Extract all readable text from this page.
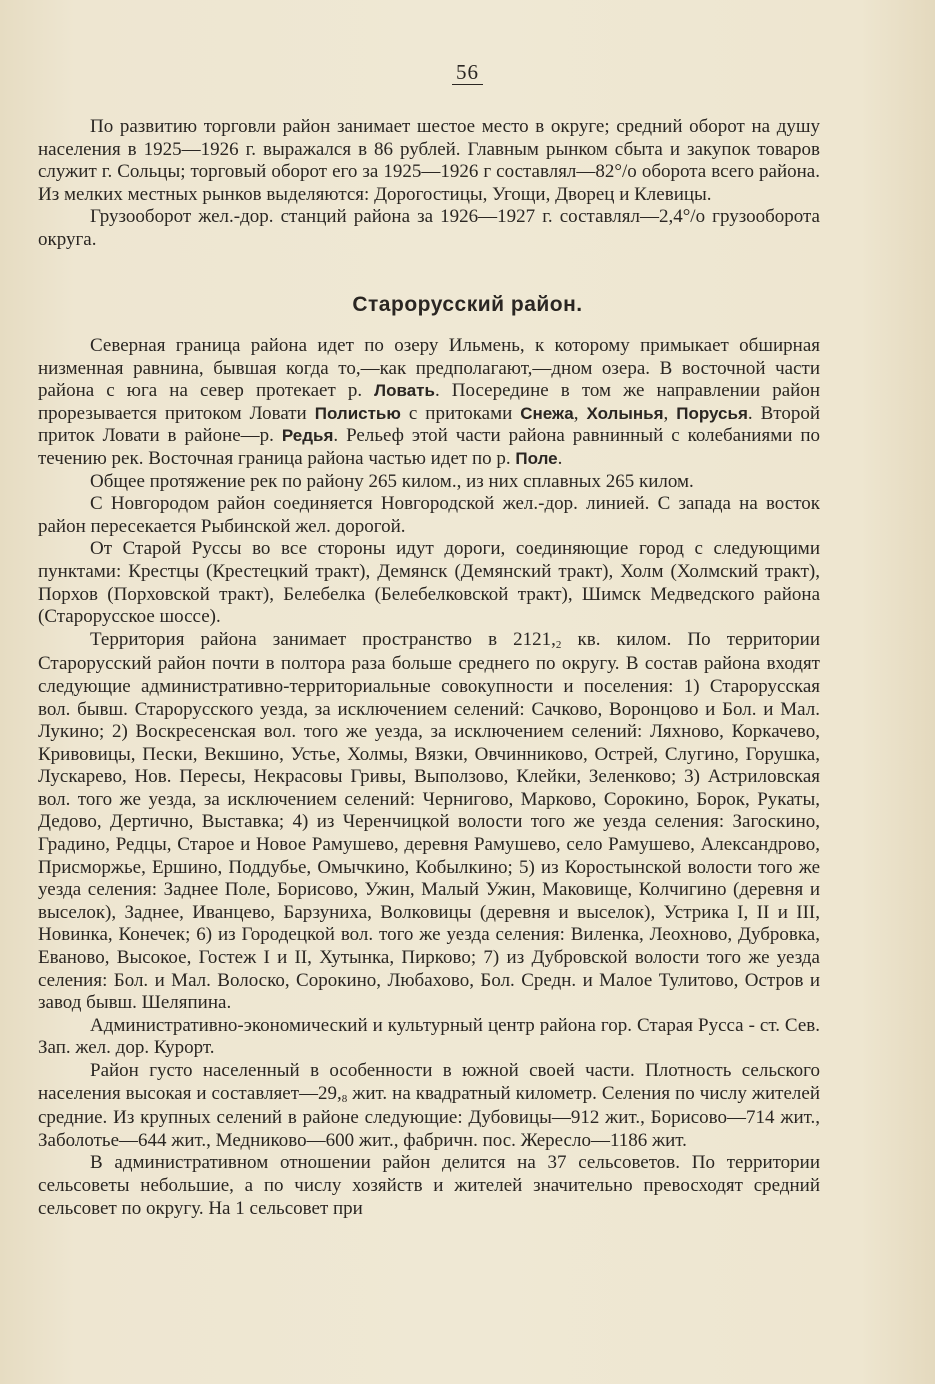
56

По развитию торговли район занимает шестое место в округе; средний оборот на душу населения в 1925—1926 г. выражался в 86 рублей. Главным рынком сбыта и закупок товаров служит г. Сольцы; торговый оборот его за 1925—1926 г составлял—82°/о оборота всего района. Из мелких местных рынков выделяются: Дорогостицы, Угощи, Дворец и Клевицы.

Грузооборот жел.-дор. станций района за 1926—1927 г. составлял—2,4°/о грузооборота округа.

Старорусский район.

Северная граница района идет по озеру Ильмень, к которому примыкает обширная низменная равнина, бывшая когда то,—как предполагают,—дном озера. В восточной части района с юга на север протекает р. Ловать. Посередине в том же направлении район прорезывается притоком Ловати Полистью с притоками Снежа, Холынья, Порусья. Второй приток Ловати в районе—р. Редья. Рельеф этой части района равнинный с колебаниями по течению рек. Восточная граница района частью идет по р. Поле.

Общее протяжение рек по району 265 килом., из них сплавных 265 килом.

С Новгородом район соединяется Новгородской жел.-дор. линией. С запада на восток район пересекается Рыбинской жел. дорогой.

От Старой Руссы во все стороны идут дороги, соединяющие город с следующими пунктами: Крестцы (Крестецкий тракт), Демянск (Демянский тракт), Холм (Холмский тракт), Порхов (Порховской тракт), Белебелка (Белебелковской тракт), Шимск Медведского района (Старорусское шоссе).

Территория района занимает пространство в $2121,_2$ кв. килом. По территории Старорусский район почти в полтора раза больше среднего по округу. В состав района входят следующие административно-территориальные совокупности и поселения: 1) Старорусская вол. бывш. Старорусского уезда, за исключением селений: Сачково, Воронцово и Бол. и Мал. Лукино; 2) Воскресенская вол. того же уезда, за исключением селений: Ляхново, Коркачево, Кривовицы, Пески, Векшино, Устье, Холмы, Вязки, Овчинниково, Острей, Слугино, Горушка, Лускарево, Нов. Пересы, Некрасовы Гривы, Выползово, Клейки, Зеленково; 3) Астриловская вол. того же уезда, за исключением селений: Чернигово, Марково, Сорокино, Борок, Рукаты, Дедово, Дертично, Выставка; 4) из Черенчицкой волости того же уезда селения: Загоскино, Градино, Редцы, Старое и Новое Рамушево, деревня Рамушево, село Рамушево, Александрово, Присморжье, Ершино, Поддубье, Омычкино, Кобылкино; 5) из Коростынской волости того же уезда селения: Заднее Поле, Борисово, Ужин, Малый Ужин, Маковище, Колчигино (деревня и выселок), Заднее, Иванцево, Барзуниха, Волковицы (деревня и выселок), Устрика I, II и III, Новинка, Конечек; 6) из Городецкой вол. того же уезда селения: Виленка, Леохново, Дубровка, Еваново, Высокое, Гостеж I и II, Хутынка, Пирково; 7) из Дубровской волости того же уезда селения: Бол. и Мал. Волоско, Сорокино, Любахово, Бол. Средн. и Малое Тулитово, Остров и завод бывш. Шеляпина.

Административно-экономический и культурный центр района гор. Старая Русса - ст. Сев. Зап. жел. дор. Курорт.

Район густо населенный в особенности в южной своей части. Плотность сельского населения высокая и $составляет—29,_8$ жит. на квадратный километр. Селения по числу жителей средние. Из крупных селений в районе следующие: Дубовицы—912 жит., Борисово—714 жит., Заболотье—644 жит., Медниково—600 жит., фабричн. пос. Жересло—1186 жит.

В административном отношении район делится на 37 сельсоветов. По территории сельсоветы небольшие, а по числу хозяйств и жителей значительно превосходят средний сельсовет по округу. На 1 сельсовет при
